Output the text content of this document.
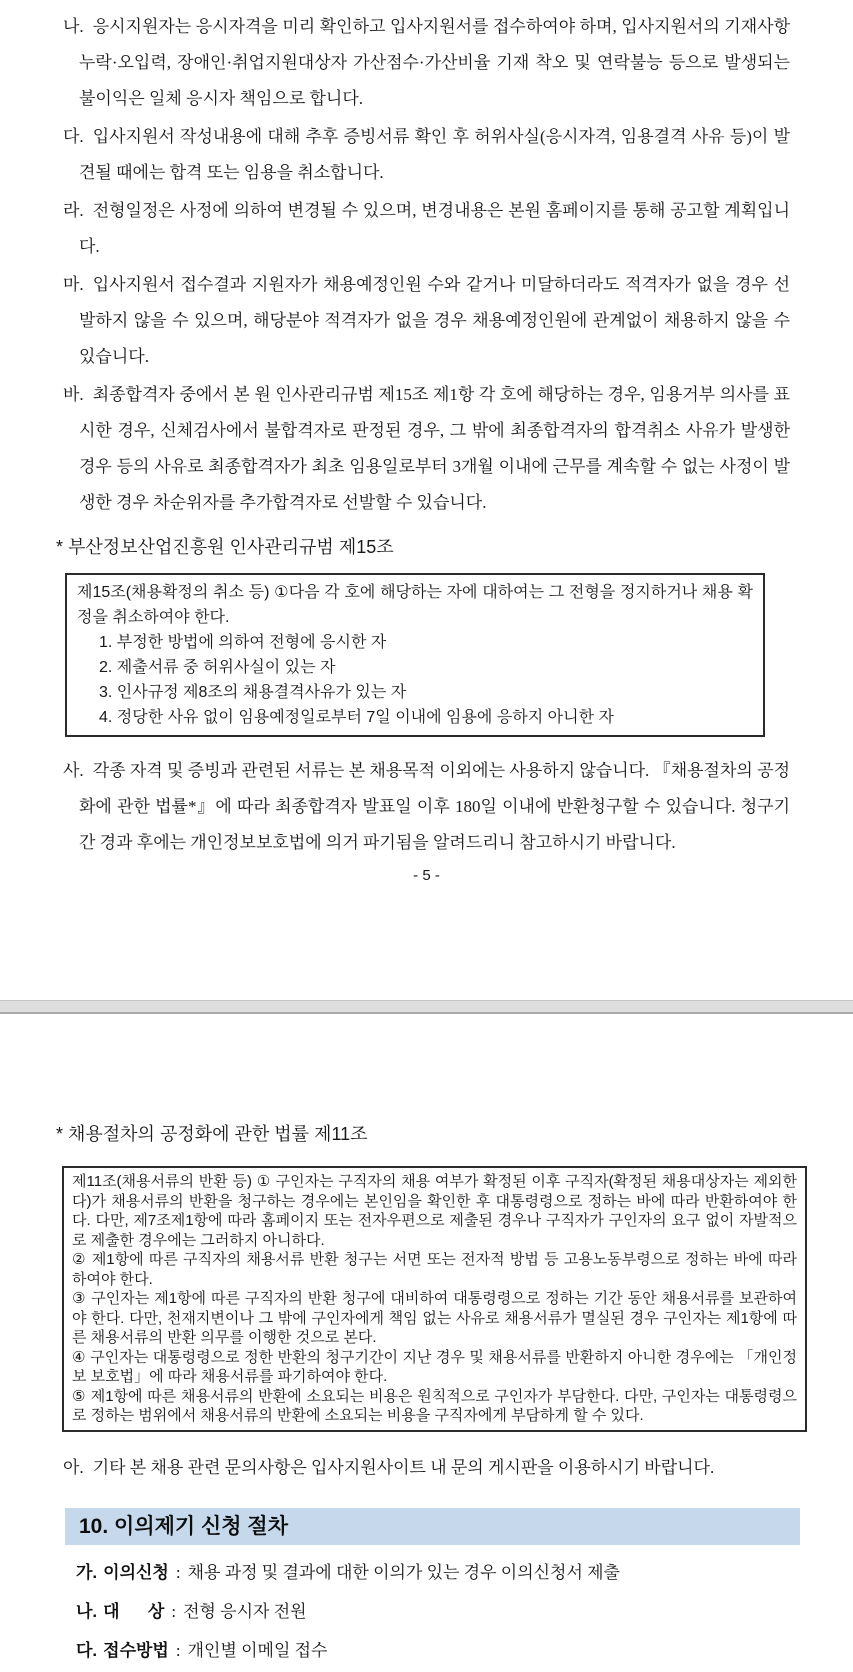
나. 응시지원자는 응시자격을 미리 확인하고 입사지원서를 접수하여야 하며, 입사지원서의 기재사항 누락·오입력, 장애인·취업지원대상자 가산점수·가산비율 기재 착오 및 연락불능 등으로 발생되는 불이익은 일체 응시자 책임으로 합니다.

다. 입사지원서 작성내용에 대해 추후 증빙서류 확인 후 허위사실(응시자격, 임용결격 사유 등)이 발견될 때에는 합격 또는 임용을 취소합니다.

라. 전형일정은 사정에 의하여 변경될 수 있으며, 변경내용은 본원 홈페이지를 통해 공고할 계획입니다.

마. 입사지원서 접수결과 지원자가 채용예정인원 수와 같거나 미달하더라도 적격자가 없을 경우 선발하지 않을 수 있으며, 해당분야 적격자가 없을 경우 채용예정인원에 관계없이 채용하지 않을 수 있습니다.

바. 최종합격자 중에서 본 원 인사관리규범 제15조 제1항 각 호에 해당하는 경우, 임용거부 의사를 표시한 경우, 신체검사에서 불합격자로 판정된 경우, 그 밖에 최종합격자의 합격취소 사유가 발생한 경우 등의 사유로 최종합격자가 최초 임용일로부터 3개월 이내에 근무를 계속할 수 없는 사정이 발생한 경우 차순위자를 추가합격자로 선발할 수 있습니다.

* 부산정보산업진흥원 인사관리규범 제15조
제15조(채용확정의 취소 등) ①다음 각 호에 해당하는 자에 대하여는 그 전형을 정지하거나 채용 확정을 취소하여야 한다.
1. 부정한 방법에 의하여 전형에 응시한 자
2. 제출서류 중 허위사실이 있는 자
3. 인사규정 제8조의 채용결격사유가 있는 자
4. 정당한 사유 없이 임용예정일로부터 7일 이내에 임용에 응하지 아니한 자

사. 각종 자격 및 증빙과 관련된 서류는 본 채용목적 이외에는 사용하지 않습니다. 『채용절차의 공정화에 관한 법률*』에 따라 최종합격자 발표일 이후 180일 이내에 반환청구할 수 있습니다. 청구기간 경과 후에는 개인정보보호법에 의거 파기됨을 알려드리니 참고하시기 바랍니다.

- 5 -
* 채용절차의 공정화에 관한 법률 제11조

제11조(채용서류의 반환 등) ① 구인자는 구직자의 채용 여부가 확정된 이후 구직자(확정된 채용대상자는 제외한다)가 채용서류의 반환을 청구하는 경우에는 본인임을 확인한 후 대통령령으로 정하는 바에 따라 반환하여야 한다. 다만, 제7조제1항에 따라 홈페이지 또는 전자우편으로 제출된 경우나 구직자가 구인자의 요구 없이 자발적으로 제출한 경우에는 그러하지 아니하다.

② 제1항에 따른 구직자의 채용서류 반환 청구는 서면 또는 전자적 방법 등 고용노동부령으로 정하는 바에 따라 하여야 한다.

③ 구인자는 제1항에 따른 구직자의 반환 청구에 대비하여 대통령령으로 정하는 기간 동안 채용서류를 보관하여야 한다. 다만, 천재지변이나 그 밖에 구인자에게 책임 없는 사유로 채용서류가 멸실된 경우 구인자는 제1항에 따른 채용서류의 반환 의무를 이행한 것으로 본다.

④ 구인자는 대통령령으로 정한 반환의 청구기간이 지난 경우 및 채용서류를 반환하지 아니한 경우에는 「개인정보 보호법」에 따라 채용서류를 파기하여야 한다.

⑤ 제1항에 따른 채용서류의 반환에 소요되는 비용은 원칙적으로 구인자가 부담한다. 다만, 구인자는 대통령령으로 정하는 범위에서 채용서류의 반환에 소요되는 비용을 구직자에게 부담하게 할 수 있다.

아. 기타 본 채용 관련 문의사항은 입사지원사이트 내 문의 게시판을 이용하시기 바랍니다.

10. 이의제기 신청 절차
가. 이의신청 : 채용 과정 및 결과에 대한 이의가 있는 경우 이의신청서 제출
나. 대      상 : 전형 응시자 전원
다. 접수방법 : 개인별 이메일 접수
